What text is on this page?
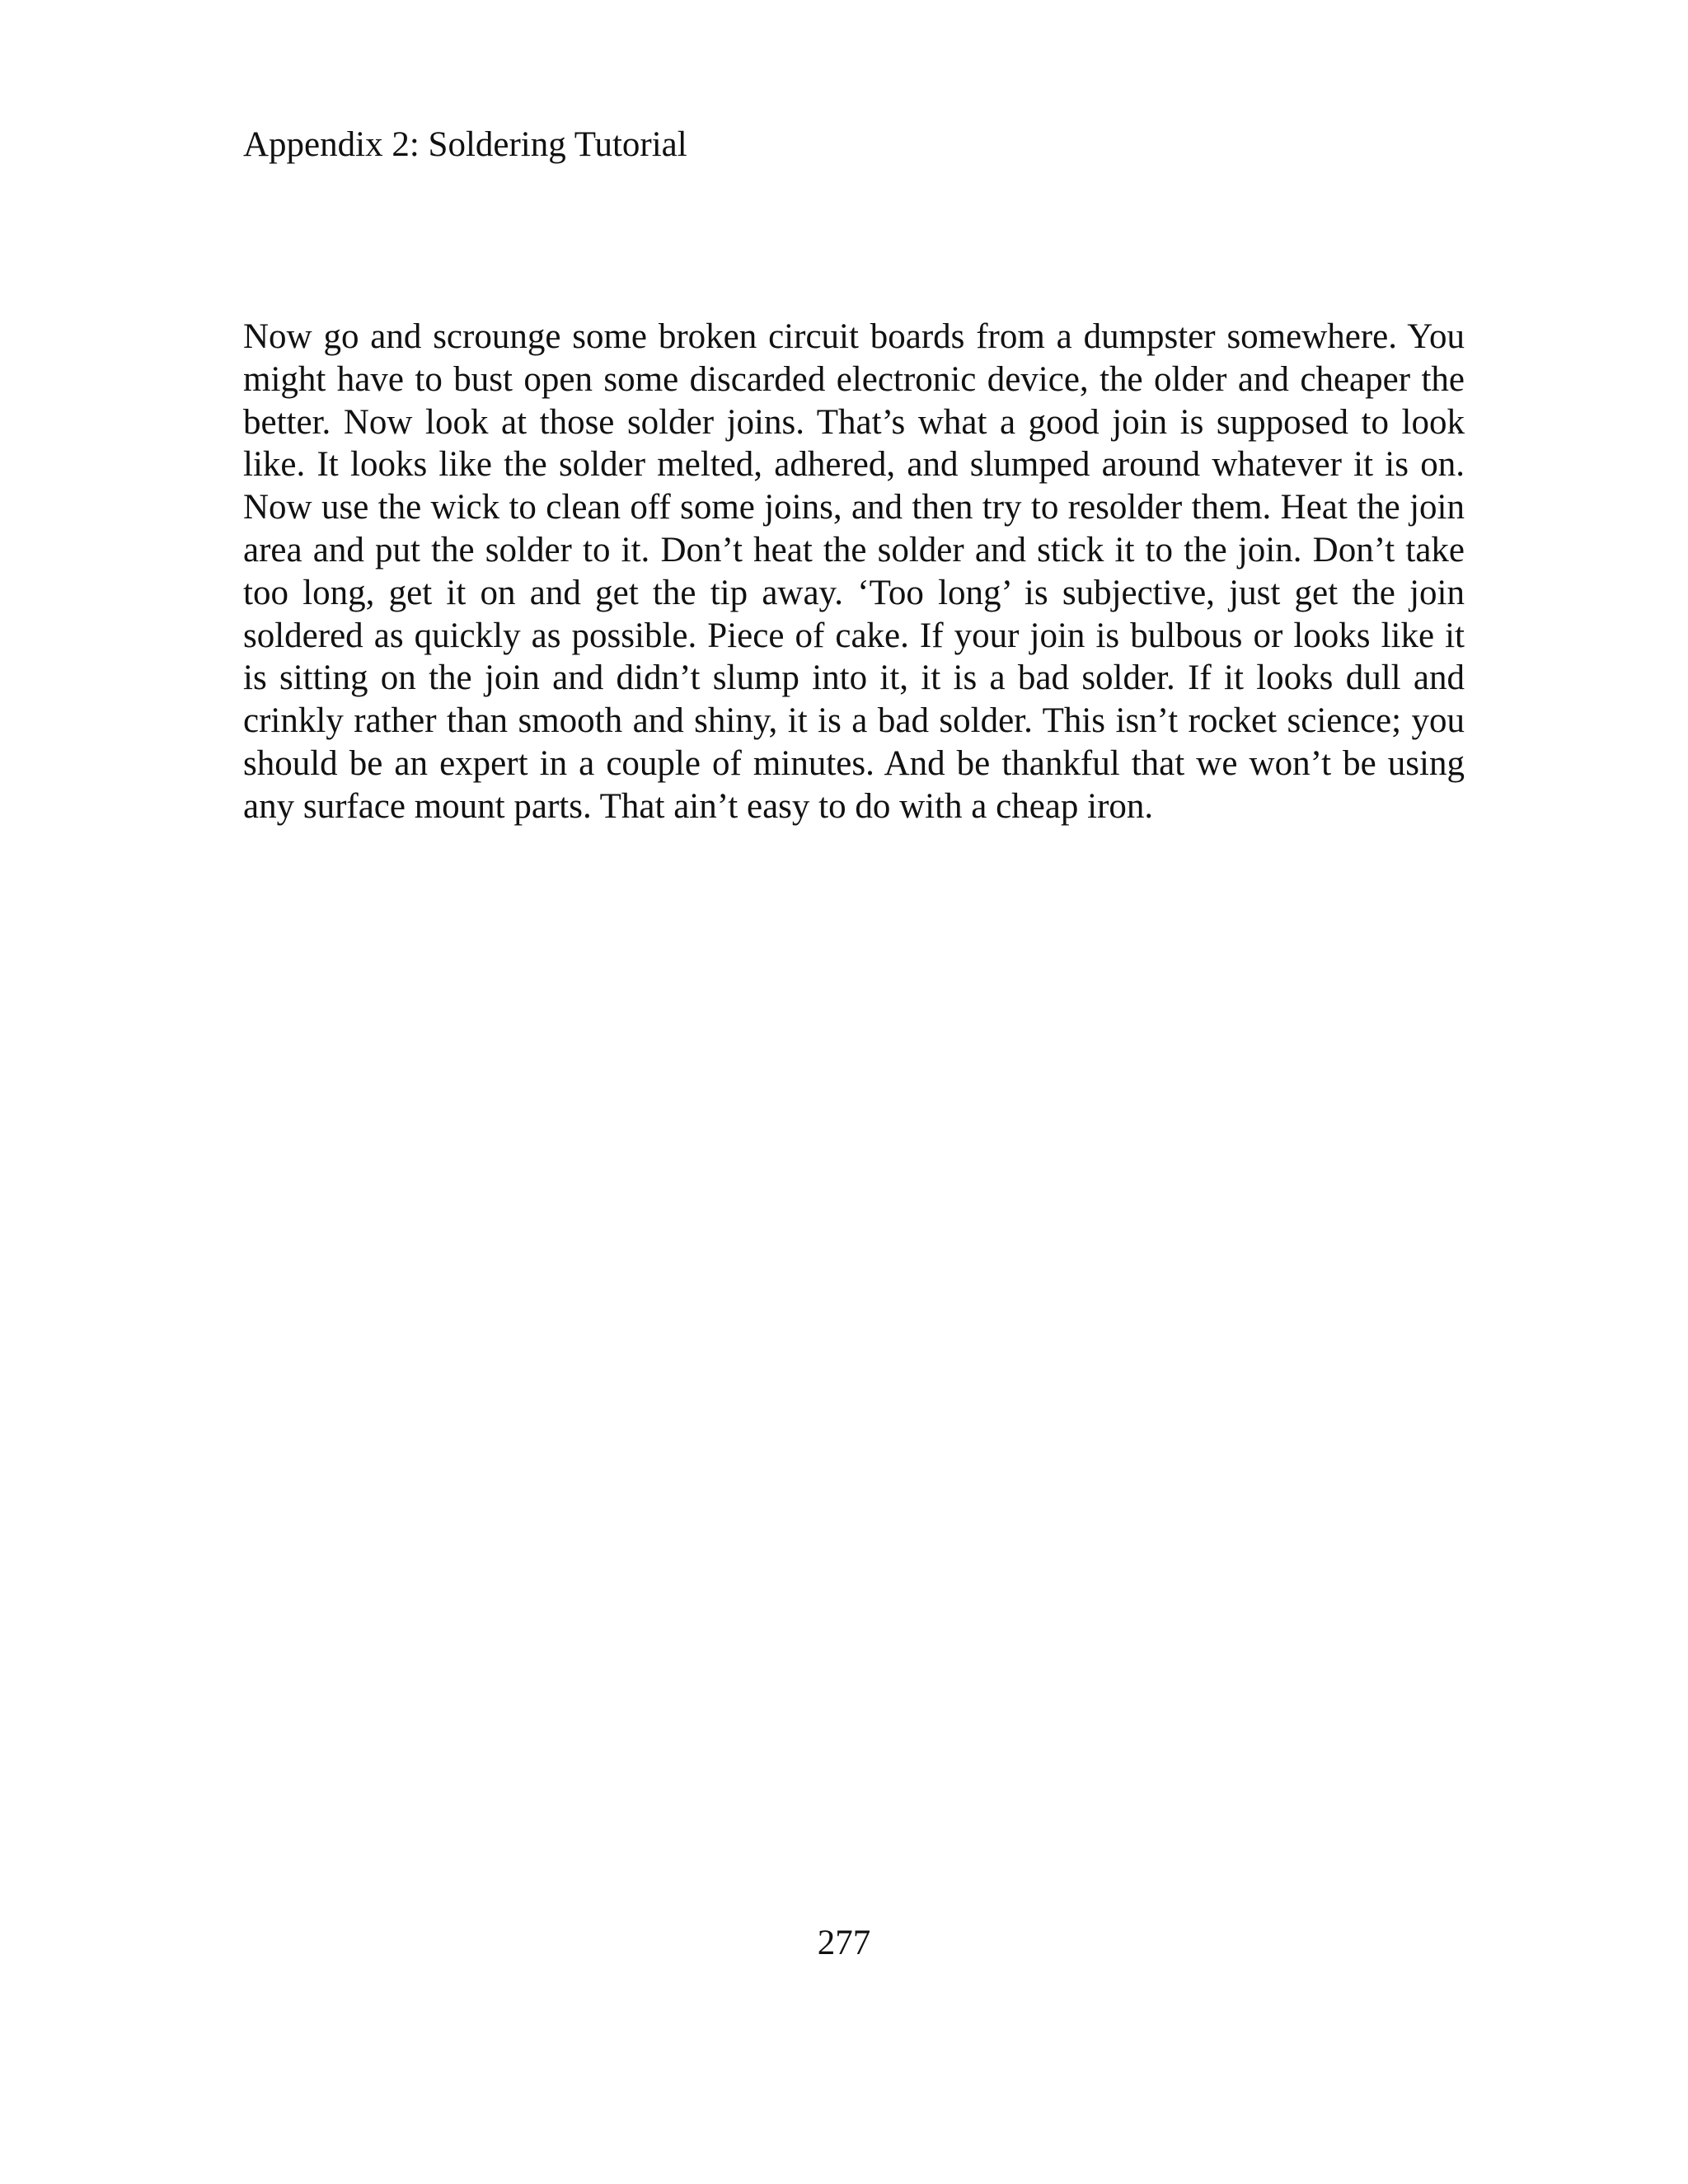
Appendix 2: Soldering Tutorial

Now go and scrounge some broken circuit boards from a dumpster somewhere. You might have to bust open some discarded electronic device, the older and cheaper the better. Now look at those solder joins. That’s what a good join is supposed to look like. It looks like the solder melted, adhered, and slumped around whatever it is on. Now use the wick to clean off some joins, and then try to resolder them. Heat the join area and put the solder to it. Don’t heat the solder and stick it to the join. Don’t take too long, get it on and get the tip away. ‘Too long’ is subjective, just get the join soldered as quickly as possible. Piece of cake. If your join is bulbous or looks like it is sitting on the join and didn’t slump into it, it is a bad solder. If it looks dull and crinkly rather than smooth and shiny, it is a bad solder. This isn’t rocket science; you should be an expert in a couple of minutes. And be thankful that we won’t be using any surface mount parts. That ain’t easy to do with a cheap iron.

277
